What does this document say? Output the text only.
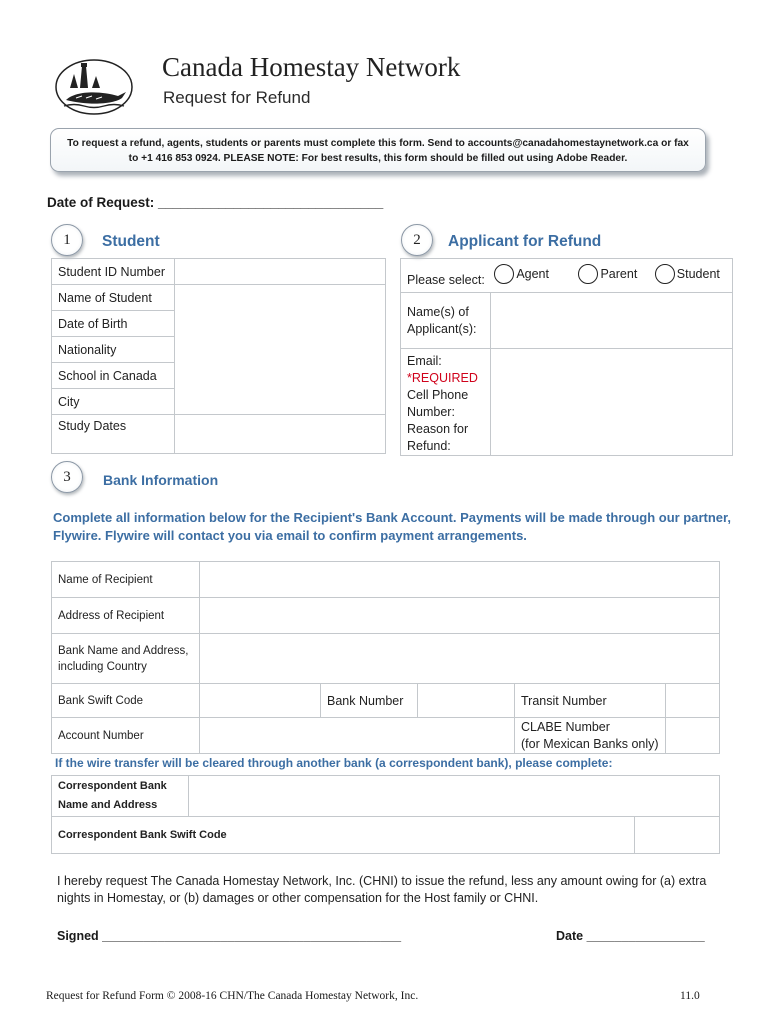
Canada Homestay Network
Request for Refund
To request a refund, agents, students or parents must complete this form. Send to accounts@canadahomestaynetwork.ca or fax to +1 416 853 0924. PLEASE NOTE: For best results, this form should be filled out using Adobe Reader.
Date of Request: ______________________________
1	Student
Student ID Number	
Name of Student	
Date of Birth	
Nationality	
School in Canada	
City	
Study Dates	
2	Applicant for Refund
Please select: Agent
Parent
Student	

Name(s) of Applicant(s):	

Email:
*REQUIRED
Cell Phone Number:
Reason for Refund:	

3	Bank Information
Complete all information below for the Recipient's Bank Account. Payments will be made through our partner, Flywire. Flywire will contact you via email to confirm payment arrangements.
Name of Recipient					
Address of Recipient					
Bank Name and Address, including Country					
Bank Swift Code		Bank Number		Transit Number	
Account Number				CLABE Number
(for Mexican Banks only)	

If the wire transfer will be cleared through another bank (a correspondent bank), please complete:
Correspondent Bank Name and Address		
Correspondent Bank Swift Code		
I hereby request The Canada Homestay Network, Inc. (CHNI) to issue the refund, less any amount owing for (a) extra nights in Homestay, or (b) damages or other compensation for the Host family or CHNI.
Signed ___________________________________________	Date _________________
Request for Refund Form © 2008-16 CHN/The Canada Homestay Network, Inc.	11.0
